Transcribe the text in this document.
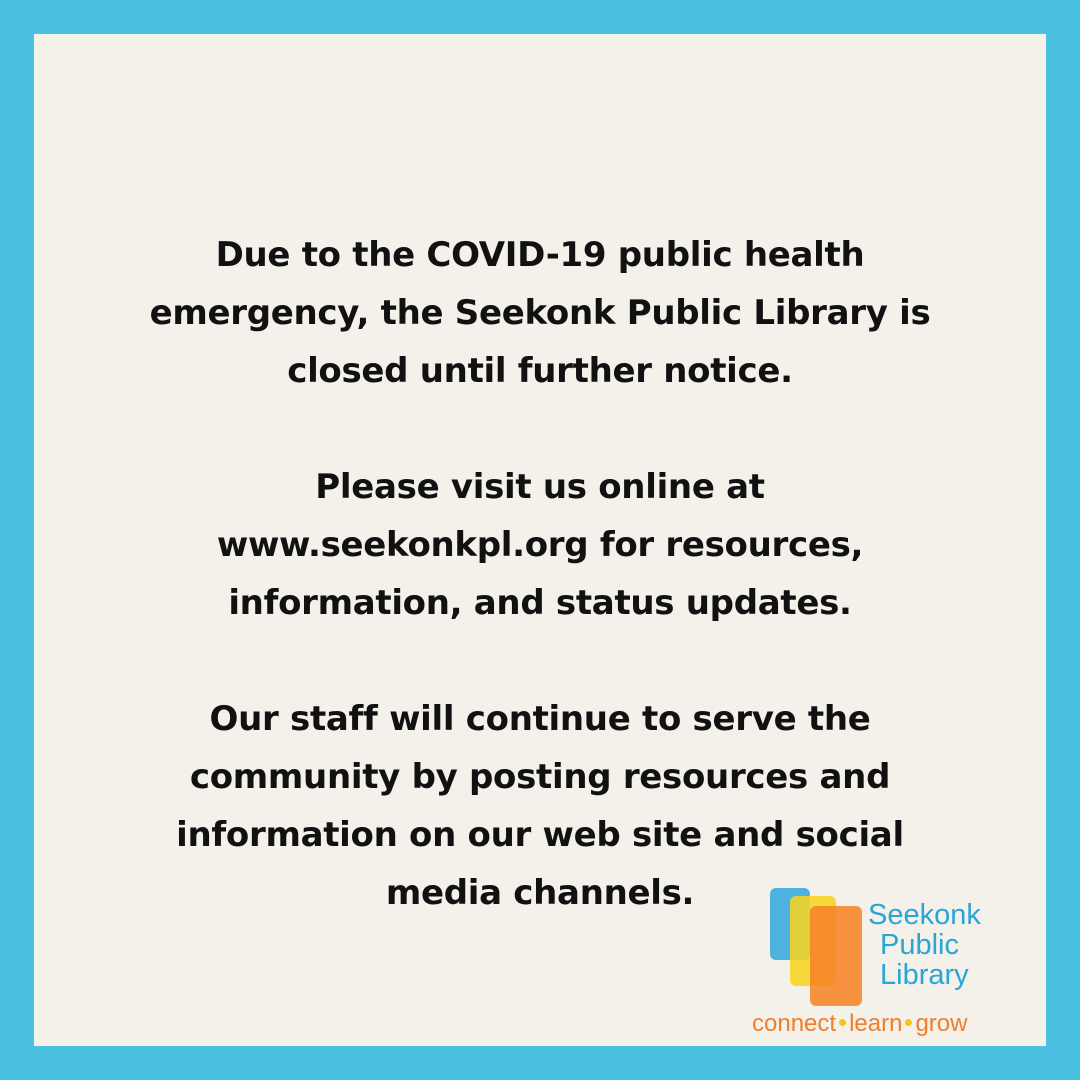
Due to the COVID-19 public health
emergency, the Seekonk Public Library is
closed until further notice.

Please visit us online at
www.seekonkpl.org for resources,
information, and status updates.

Our staff will continue to serve the
community by posting resources and
information on our web site and social
media channels.

Seekonk
Public
Library
connect learn grow
